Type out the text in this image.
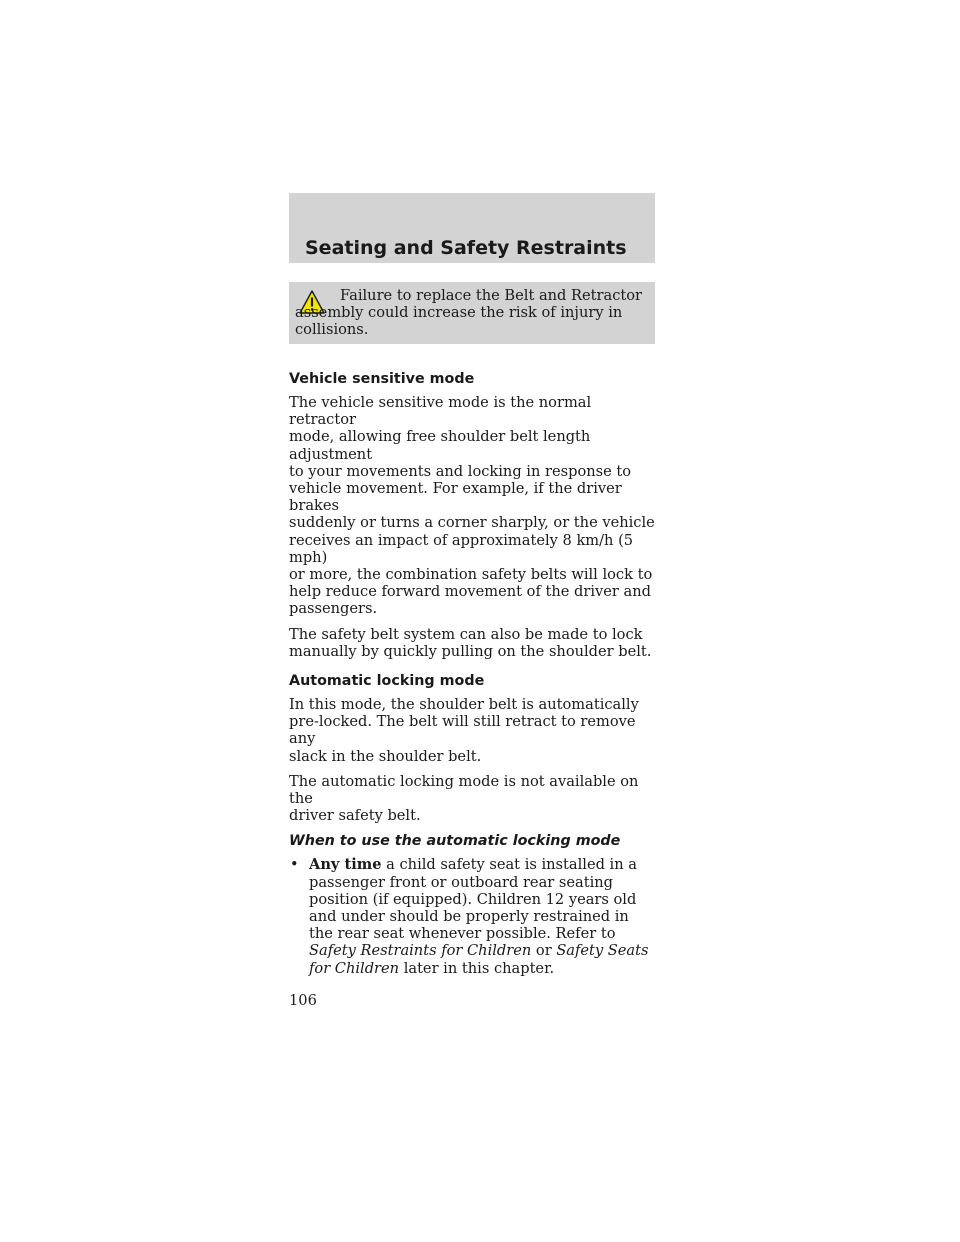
Seating and Safety Restraints

Failure to replace the Belt and Retractor
assembly could increase the risk of injury in
collisions.

Vehicle sensitive mode

The vehicle sensitive mode is the normal retractor
mode, allowing free shoulder belt length adjustment
to your movements and locking in response to
vehicle movement. For example, if the driver brakes
suddenly or turns a corner sharply, or the vehicle
receives an impact of approximately 8 km/h (5 mph)
or more, the combination safety belts will lock to
help reduce forward movement of the driver and
passengers.

The safety belt system can also be made to lock
manually by quickly pulling on the shoulder belt.

Automatic locking mode

In this mode, the shoulder belt is automatically
pre-locked. The belt will still retract to remove any
slack in the shoulder belt.

The automatic locking mode is not available on the
driver safety belt.

When to use the automatic locking mode

• Any time a child safety seat is installed in a passenger front or outboard rear seating position (if equipped). Children 12 years old and under should be properly restrained in the rear seat whenever possible. Refer to Safety Restraints for Children or Safety Seats for Children later in this chapter.

106
